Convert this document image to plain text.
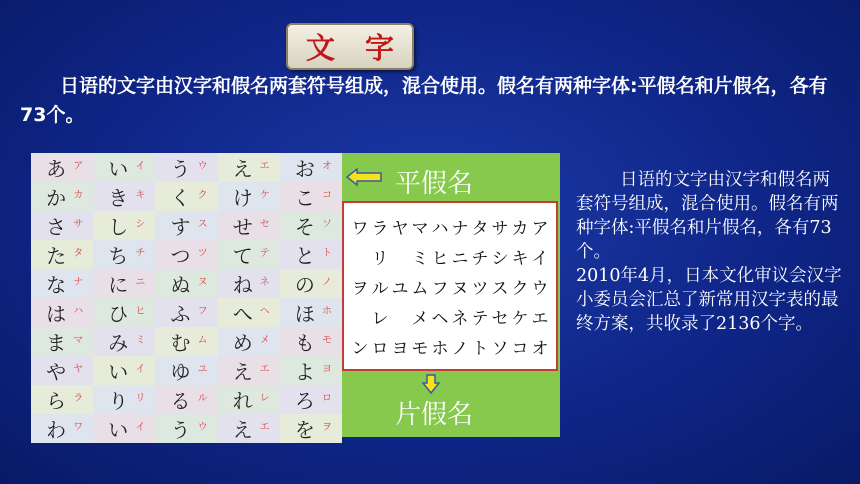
文 字
日语的文字由汉字和假名两套符号组成，混合使用。假名有两种字体:平假名和片假名，各有73个。
あ ア い イ う ウ え エ お オ
か カ き キ く ク け ケ こ コ
さ サ し シ す ス せ セ そ ソ
た タ ち チ つ ツ て テ と ト
な ナ に ニ ぬ ヌ ね ネ の ノ
は ハ ひ ヒ ふ フ へ ヘ ほ ホ
ま マ み ミ む ム め メ も モ
や ヤ い イ ゆ ユ え エ よ ヨ
ら ラ り リ る ル れ レ ろ ロ
わ ワ い イ う ウ え エ を ヲ
平假名
ワ ラ ヤ マ ハ ナ タ サ カ ア
リ ミ ヒ ニ チ シ キ イ
ヲ ル ユ ム フ ヌ ツ ス ク ウ
レ メ ヘ ネ テ セ ケ エ
ン ロ ヨ モ ホ ノ ト ソ コ オ
片假名

日语的文字由汉字和假名两套符号组成，混合使用。假名有两种字体:平假名和片假名，各有73个。

2010年4月，日本文化审议会汉字小委员会汇总了新常用汉字表的最终方案，共收录了2136个字。
